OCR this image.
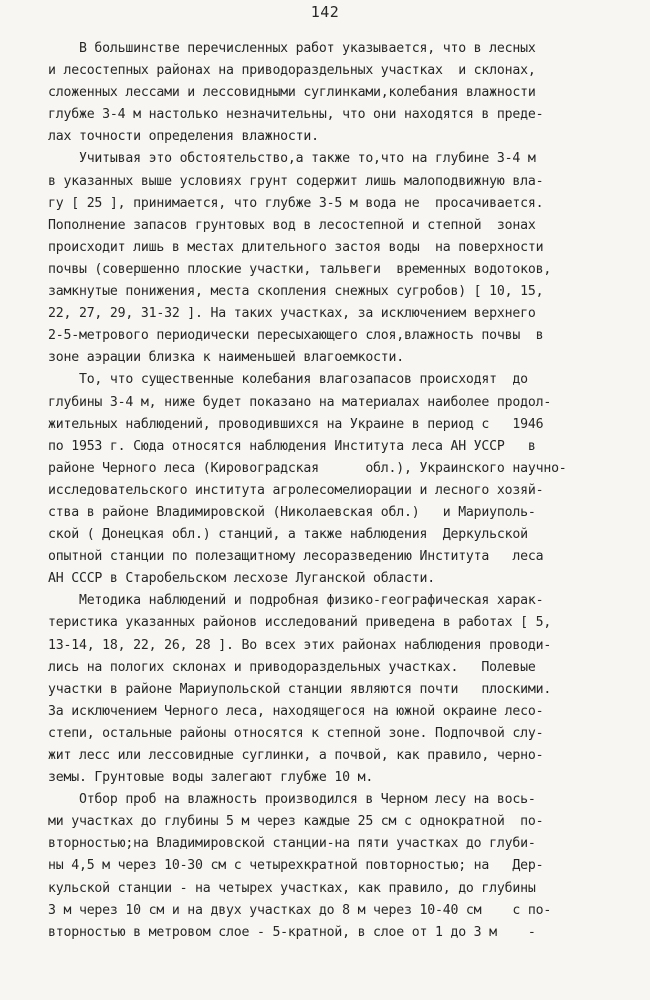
142
В большинстве перечисленных работ указывается, что в лесных
и лесостепных районах на приводораздельных участках  и склонах,
сложенных лессами и лессовидными суглинками,колебания влажности
глубже 3-4 м настолько незначительны, что они находятся в преде-
лах точности определения влажности.
Учитывая это обстоятельство,а также то,что на глубине 3-4 м
в указанных выше условиях грунт содержит лишь малоподвижную вла-
гу [ 25 ], принимается, что глубже 3-5 м вода не  просачивается.
Пополнение запасов грунтовых вод в лесостепной и степной  зонах
происходит лишь в местах длительного застоя воды  на поверхности
почвы (совершенно плоские участки, тальвеги  временных водотоков,
замкнутые понижения, места скопления снежных сугробов) [ 10, 15,
22, 27, 29, 31-32 ]. На таких участках, за исключением верхнего
2-5-метрового периодически пересыхающего слоя,влажность почвы  в
зоне аэрации близка к наименьшей влагоемкости.
То, что существенные колебания влагозапасов происходят  до
глубины 3-4 м, ниже будет показано на материалах наиболее продол-
жительных наблюдений, проводившихся на Украине в период с   1946
по 1953 г. Сюда относятся наблюдения Института леса АН УССР   в
районе Черного леса (Кировоградская      обл.), Украинского научно-
исследовательского института агролесомелиорации и лесного хозяй-
ства в районе Владимировской (Николаевская обл.)   и Мариуполь-
ской ( Донецкая обл.) станций, а также наблюдения  Деркульской
опытной станции по полезащитному лесоразведению Института   леса
АН СССР в Старобельском лесхозе Луганской области.
Методика наблюдений и подробная физико-географическая харак-
теристика указанных районов исследований приведена в работах [ 5,
13-14, 18, 22, 26, 28 ]. Во всех этих районах наблюдения проводи-
лись на пологих склонах и приводораздельных участках.   Полевые
участки в районе Мариупольской станции являются почти   плоскими.
За исключением Черного леса, находящегося на южной окраине лесо-
степи, остальные районы относятся к степной зоне. Подпочвой слу-
жит лесс или лессовидные суглинки, а почвой, как правило, черно-
земы. Грунтовые воды залегают глубже 10 м.
Отбор проб на влажность производился в Черном лесу на вось-
ми участках до глубины 5 м через каждые 25 см с однократной  по-
вторностью;на Владимировской станции-на пяти участках до глуби-
ны 4,5 м через 10-30 см с четырехкратной повторностью; на   Дер-
кульской станции - на четырех участках, как правило, до глубины
3 м через 10 см и на двух участках до 8 м через 10-40 см    с по-
вторностью в метровом слое - 5-кратной, в слое от 1 до 3 м    -
